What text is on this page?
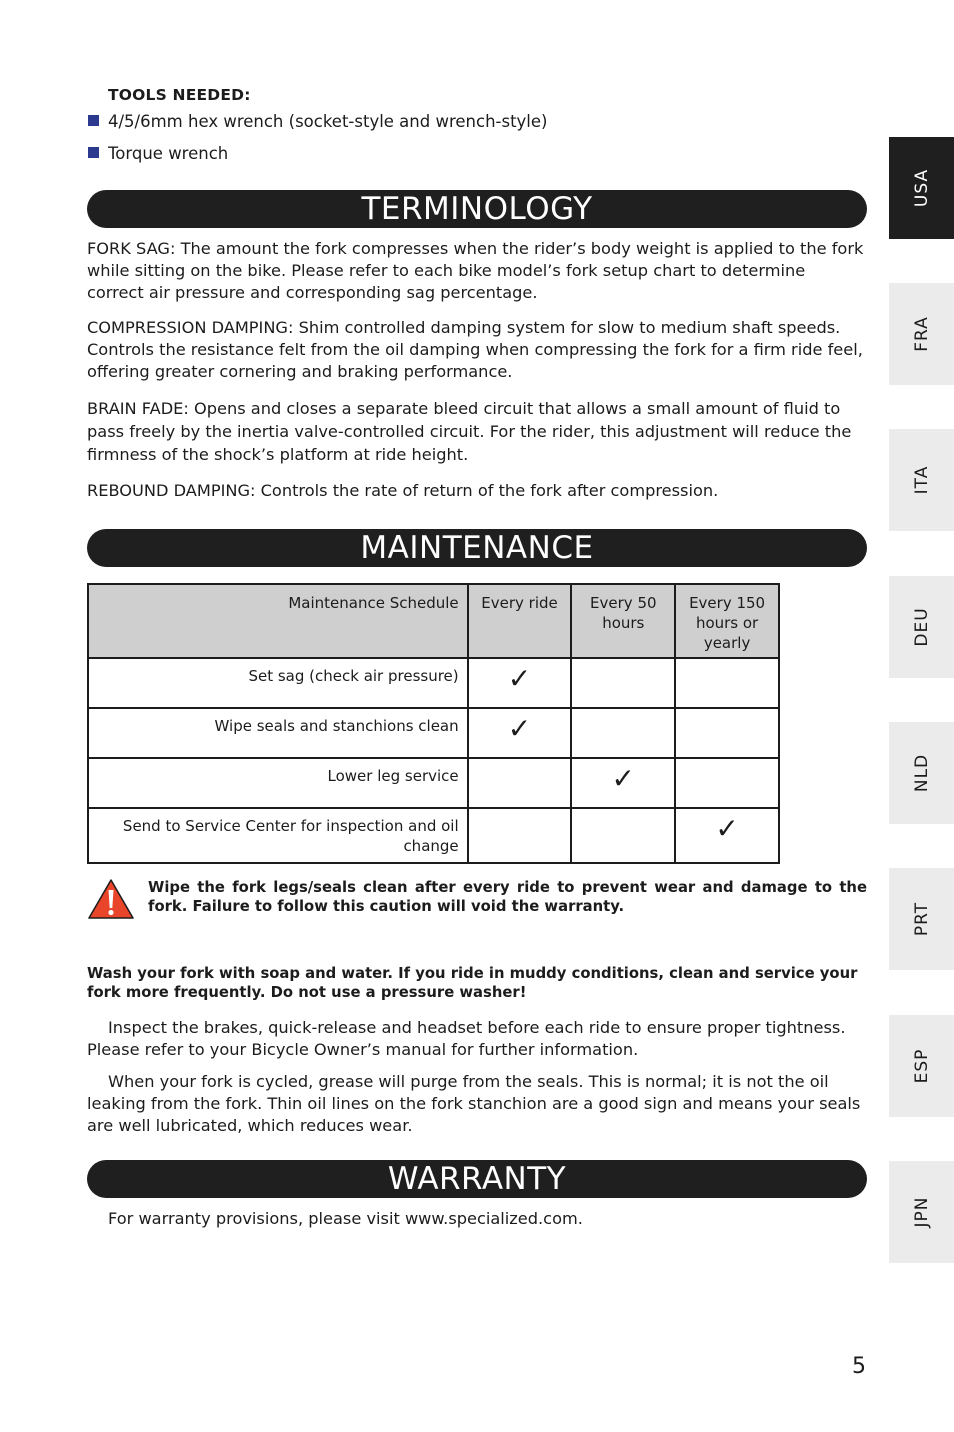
TOOLS NEEDED:
4/5/6mm hex wrench (socket-style and wrench-style)
Torque wrench
TERMINOLOGY
FORK SAG: The amount the fork compresses when the rider’s body weight is applied to the fork while sitting on the bike. Please refer to each bike model’s fork setup chart to determine correct air pressure and corresponding sag percentage.
COMPRESSION DAMPING: Shim controlled damping system for slow to medium shaft speeds. Controls the resistance felt from the oil damping when compressing the fork for a firm ride feel, offering greater cornering and braking performance.
BRAIN FADE: Opens and closes a separate bleed circuit that allows a small amount of fluid to pass freely by the inertia valve-controlled circuit. For the rider, this adjustment will reduce the firmness of the shock’s platform at ride height.
REBOUND DAMPING: Controls the rate of return of the fork after compression.
MAINTENANCE
Maintenance Schedule	Every ride	Every 50 hours	Every 150 hours or yearly
Set sag (check air pressure)	✓		
Wipe seals and stanchions clean	✓		
Lower leg service		✓	
Send to Service Center for inspection and oil change			✓
Wipe the fork legs/seals clean after every ride to prevent wear and damage to the fork. Failure to follow this caution will void the warranty.
Wash your fork with soap and water. If you ride in muddy conditions, clean and service your fork more frequently. Do not use a pressure washer!
Inspect the brakes, quick-release and headset before each ride to ensure proper tightness. Please refer to your Bicycle Owner’s manual for further information.
When your fork is cycled, grease will purge from the seals. This is normal; it is not the oil leaking from the fork. Thin oil lines on the fork stanchion are a good sign and means your seals are well lubricated, which reduces wear.
WARRANTY
For warranty provisions, please visit www.specialized.com.
USA
FRA
ITA
DEU
NLD
PRT
ESP
JPN
5
